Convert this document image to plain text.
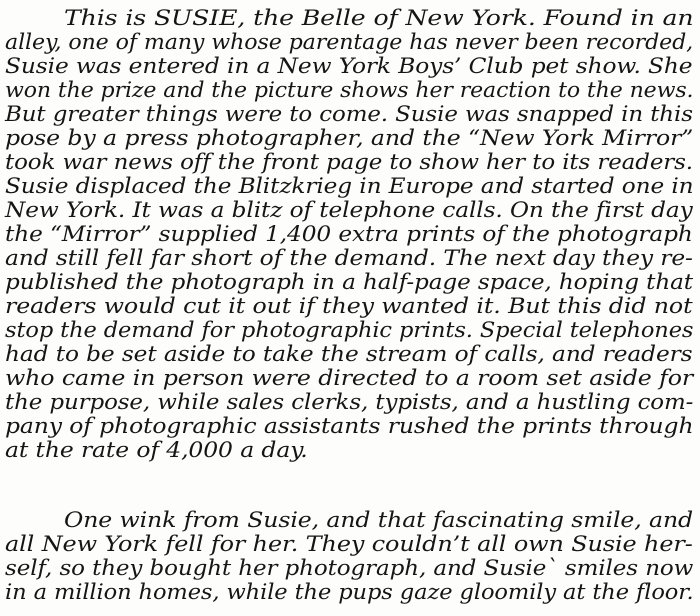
This is SUSIE, the Belle of New York. Found in an
alley, one of many whose parentage has never been recorded,
Susie was entered in a New York Boys’ Club pet show. She
won the prize and the picture shows her reaction to the news.
But greater things were to come. Susie was snapped in this
pose by a press photographer, and the “New York Mirror”
took war news off the front page to show her to its readers.
Susie displaced the Blitzkrieg in Europe and started one in
New York. It was a blitz of telephone calls. On the first day
the “Mirror” supplied 1,400 extra prints of the photograph
and still fell far short of the demand. The next day they re-
published the photograph in a half-page space, hoping that
readers would cut it out if they wanted it. But this did not
stop the demand for photographic prints. Special telephones
had to be set aside to take the stream of calls, and readers
who came in person were directed to a room set aside for
the purpose, while sales clerks, typists, and a hustling com-
pany of photographic assistants rushed the prints through
at the rate of 4,000 a day.
One wink from Susie, and that fascinating smile, and
all New York fell for her. They couldn’t all own Susie her-
self, so they bought her photograph, and Susie` smiles now
in a million homes, while the pups gaze gloomily at the floor.
